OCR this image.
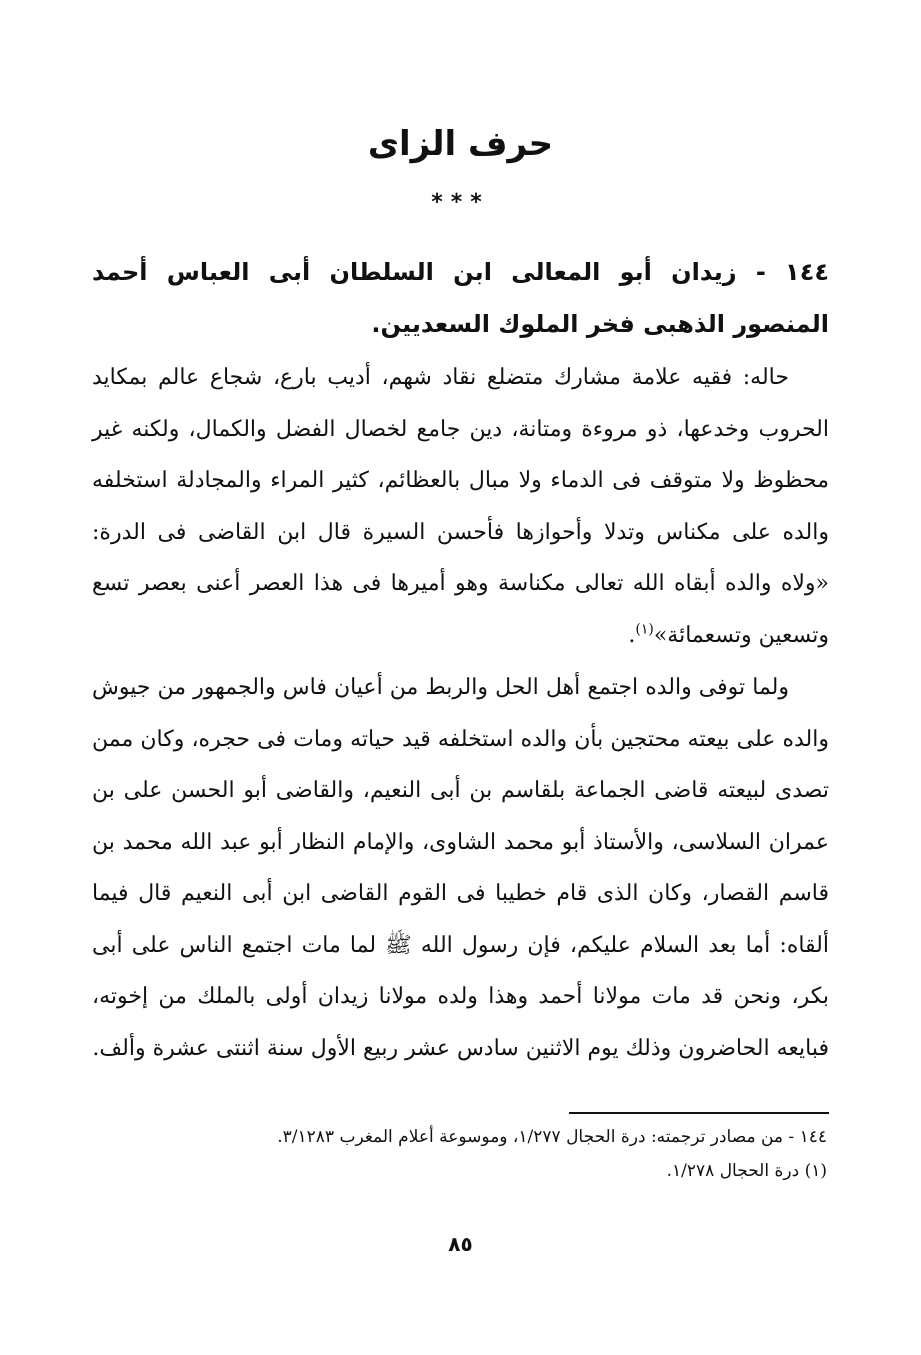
حرف الزاى
***
١٤٤ - زيدان أبو المعالى ابن السلطان أبى العباس أحمد المنصور الذهبى فخر الملوك السعديين.

حاله: فقيه علامة مشارك متضلع نقاد شهم، أديب بارع، شجاع عالم بمكايد الحروب وخدعها، ذو مروءة ومتانة، دين جامع لخصال الفضل والكمال، ولكنه غير محظوظ ولا متوقف فى الدماء ولا مبال بالعظائم، كثير المراء والمجادلة استخلفه والده على مكناس وتدلا وأحوازها فأحسن السيرة قال ابن القاضى فى الدرة: «ولاه والده أبقاه الله تعالى مكناسة وهو أميرها فى هذا العصر أعنى بعصر تسع وتسعين وتسعمائة»$^{(١)}$.

ولما توفى والده اجتمع أهل الحل والربط من أعيان فاس والجمهور من جيوش والده على بيعته محتجين بأن والده استخلفه قيد حياته ومات فى حجره، وكان ممن تصدى لبيعته قاضى الجماعة بلقاسم بن أبى النعيم، والقاضى أبو الحسن على بن عمران السلاسى، والأستاذ أبو محمد الشاوى، والإمام النظار أبو عبد الله محمد بن قاسم القصار، وكان الذى قام خطيبا فى القوم القاضى ابن أبى النعيم قال فيما ألقاه: أما بعد السلام عليكم، فإن رسول الله ﷺ لما مات اجتمع الناس على أبى بكر، ونحن قد مات مولانا أحمد وهذا ولده مولانا زيدان أولى بالملك من إخوته، فبايعه الحاضرون وذلك يوم الاثنين سادس عشر ربيع الأول سنة اثنتى عشرة وألف.

١٤٤ - من مصادر ترجمته: درة الحجال ١/٢٧٧، وموسوعة أعلام المغرب ٣/١٢٨٣.
(١) درة الحجال ١/٢٧٨.
٨٥
